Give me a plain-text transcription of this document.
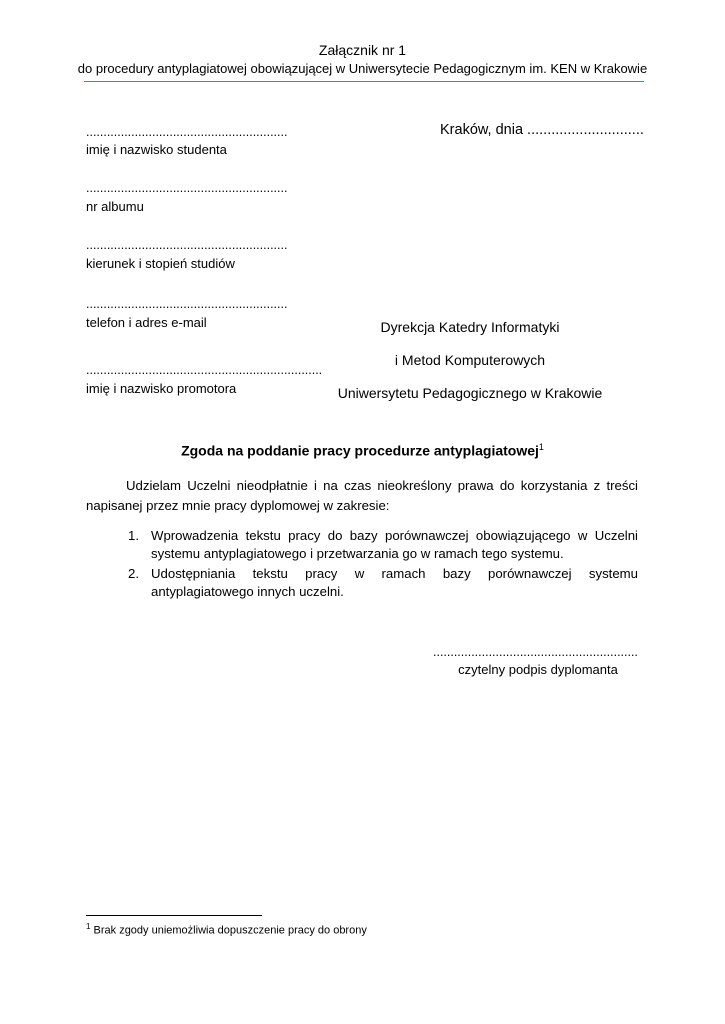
Załącznik nr 1
do procedury antyplagiatowej obowiązującej w Uniwersytecie Pedagogicznym im. KEN w Krakowie
..........................................................
imię i nazwisko studenta
..........................................................
nr albumu
..........................................................
kierunek i stopień studiów
..........................................................
telefon i adres e-mail
....................................................................
imię i nazwisko promotora
Kraków, dnia .............................
Dyrekcja Katedry Informatyki
i Metod Komputerowych
Uniwersytetu Pedagogicznego w Krakowie
Zgoda na poddanie pracy procedurze antyplagiatowej$^1$
Udzielam Uczelni nieodpłatnie i na czas nieokreślony prawa do korzystania z treści napisanej przez mnie pracy dyplomowej w zakresie:
1. Wprowadzenia tekstu pracy do bazy porównawczej obowiązującego w Uczelni systemu antyplagiatowego i przetwarzania go w ramach tego systemu.
2. Udostępniania tekstu pracy w ramach bazy porównawczej systemu antyplagiatowego innych uczelni.
...........................................................
czytelny podpis dyplomanta
$^1$ Brak zgody uniemożliwia dopuszczenie pracy do obrony
